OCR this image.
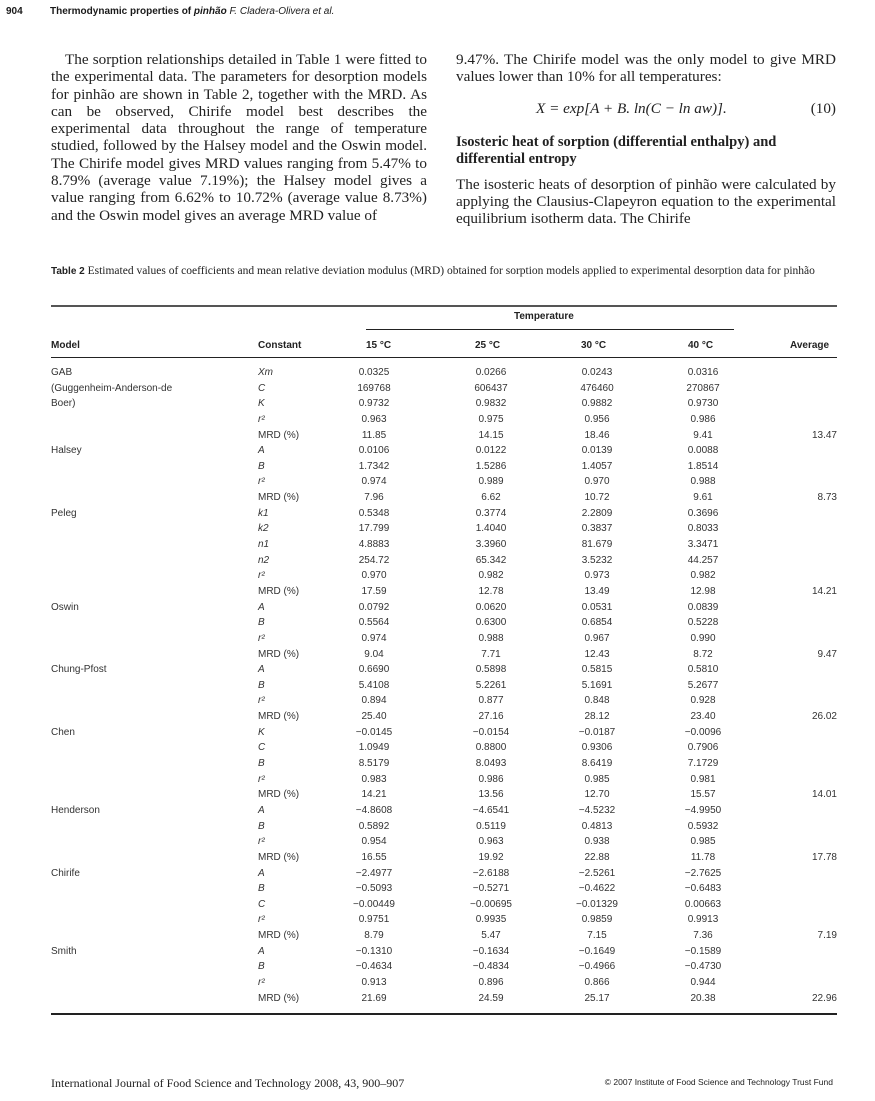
904	Thermodynamic properties of pinhão F. Cladera-Olivera et al.

The sorption relationships detailed in Table 1 were fitted to the experimental data. The parameters for desorption models for pinhão are shown in Table 2, together with the MRD. As can be observed, Chirife model best describes the experimental data throughout the range of temperature studied, followed by the Halsey model and the Oswin model. The Chirife model gives MRD values ranging from 5.47% to 8.79% (average value 7.19%); the Halsey model gives a value ranging from 6.62% to 10.72% (average value 8.73%) and the Oswin model gives an average MRD value of

9.47%. The Chirife model was the only model to give MRD values lower than 10% for all temperatures:

X = exp[A + B. ln(C − ln aw)].	(10)

Isosteric heat of sorption (differential enthalpy) and differential entropy

The isosteric heats of desorption of pinhão were calculated by applying the Clausius-Clapeyron equation to the experimental equilibrium isotherm data. The Chirife

Table 2 Estimated values of coefficients and mean relative deviation modulus (MRD) obtained for sorption models applied to experimental desorption data for pinhão
Temperature
Model	Constant	15 °C	25 °C	30 °C	40 °C	Average
GAB	Xm	0.0325	0.0266	0.0243	0.0316
(Guggenheim-Anderson-de	C	169768	606437	476460	270867
Boer)	K	0.9732	0.9832	0.9882	0.9730
r²	0.963	0.975	0.956	0.986
MRD (%)	11.85	14.15	18.46	9.41	13.47
Halsey	A	0.0106	0.0122	0.0139	0.0088
B	1.7342	1.5286	1.4057	1.8514
r²	0.974	0.989	0.970	0.988
MRD (%)	7.96	6.62	10.72	9.61	8.73
Peleg	k1	0.5348	0.3774	2.2809	0.3696
k2	17.799	1.4040	0.3837	0.8033
n1	4.8883	3.3960	81.679	3.3471
n2	254.72	65.342	3.5232	44.257
r²	0.970	0.982	0.973	0.982
MRD (%)	17.59	12.78	13.49	12.98	14.21
Oswin	A	0.0792	0.0620	0.0531	0.0839
B	0.5564	0.6300	0.6854	0.5228
r²	0.974	0.988	0.967	0.990
MRD (%)	9.04	7.71	12.43	8.72	9.47
Chung-Pfost	A	0.6690	0.5898	0.5815	0.5810
B	5.4108	5.2261	5.1691	5.2677
r²	0.894	0.877	0.848	0.928
MRD (%)	25.40	27.16	28.12	23.40	26.02
Chen	K	−0.0145	−0.0154	−0.0187	−0.0096
C	1.0949	0.8800	0.9306	0.7906
B	8.5179	8.0493	8.6419	7.1729
r²	0.983	0.986	0.985	0.981
MRD (%)	14.21	13.56	12.70	15.57	14.01
Henderson	A	−4.8608	−4.6541	−4.5232	−4.9950
B	0.5892	0.5119	0.4813	0.5932
r²	0.954	0.963	0.938	0.985
MRD (%)	16.55	19.92	22.88	11.78	17.78
Chirife	A	−2.4977	−2.6188	−2.5261	−2.7625
B	−0.5093	−0.5271	−0.4622	−0.6483
C	−0.00449	−0.00695	−0.01329	0.00663
r²	0.9751	0.9935	0.9859	0.9913
MRD (%)	8.79	5.47	7.15	7.36	7.19
Smith	A	−0.1310	−0.1634	−0.1649	−0.1589
B	−0.4634	−0.4834	−0.4966	−0.4730
r²	0.913	0.896	0.866	0.944
MRD (%)	21.69	24.59	25.17	20.38	22.96
International Journal of Food Science and Technology 2008, 43, 900–907	© 2007 Institute of Food Science and Technology Trust Fund
